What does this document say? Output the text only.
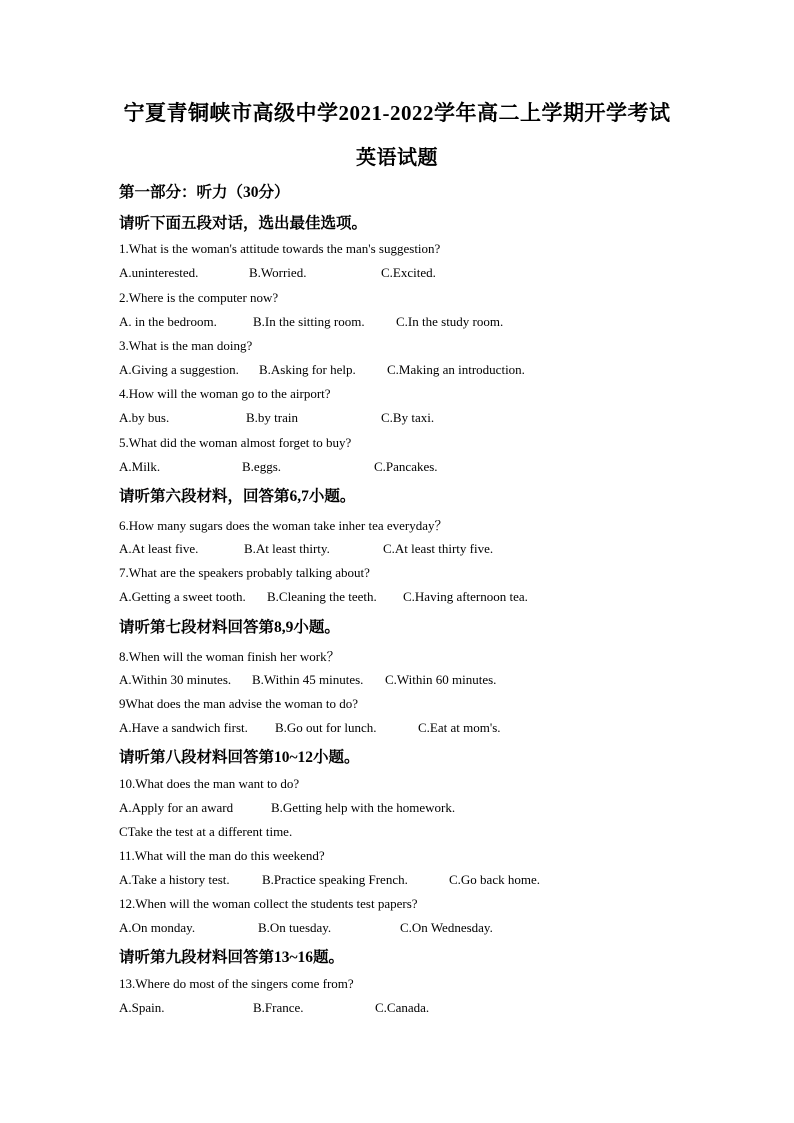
宁夏青铜峡市高级中学2021-2022学年高二上学期开学考试
英语试题
第一部分：听力（30分）
请听下面五段对话，选出最佳选项。
1.What is the woman's attitude towards the man's suggestion?
A.uninterested.	B.Worried.	C.Excited.
2.Where is the computer now?
A. in the bedroom.	B.In the sitting room. C.In the study room.
3.What is the man doing?
A.Giving a suggestion. B.Asking for help. C.Making an introduction.
4.How will the woman go to the airport?
A.by bus.	B.by train	C.By taxi.
5.What did the woman almost forget to buy?
A.Milk.	B.eggs.	C.Pancakes.
请听第六段材料，回答第6,7小题。
6.How many sugars does the woman take inher tea everyday？
A.At least five.	B.At least thirty.	C.At least thirty five.
7.What are the speakers probably talking about?
A.Getting a sweet tooth. B.Cleaning the teeth. C.Having afternoon tea.
请听第七段材料回答第8,9小题。
8.When will the woman finish her work？
A.Within 30 minutes. B.Within 45 minutes. C.Within 60 minutes.
9What does the man advise the woman to do?
A.Have a sandwich first. B.Go out for lunch.	C.Eat at mom's.
请听第八段材料回答第10~12小题。
10.What does the man want to do?
A.Apply for an award	B.Getting help with the homework.
CTake the test at a different time.
11.What will the man do this weekend?
A.Take a history test. B.Practice speaking French.	C.Go back home.
12.When will the woman collect the students test papers?
A.On monday.	B.On tuesday.	C.On Wednesday.
请听第九段材料回答第13~16题。
13.Where do most of the singers come from?
A.Spain.	B.France.	C.Canada.
